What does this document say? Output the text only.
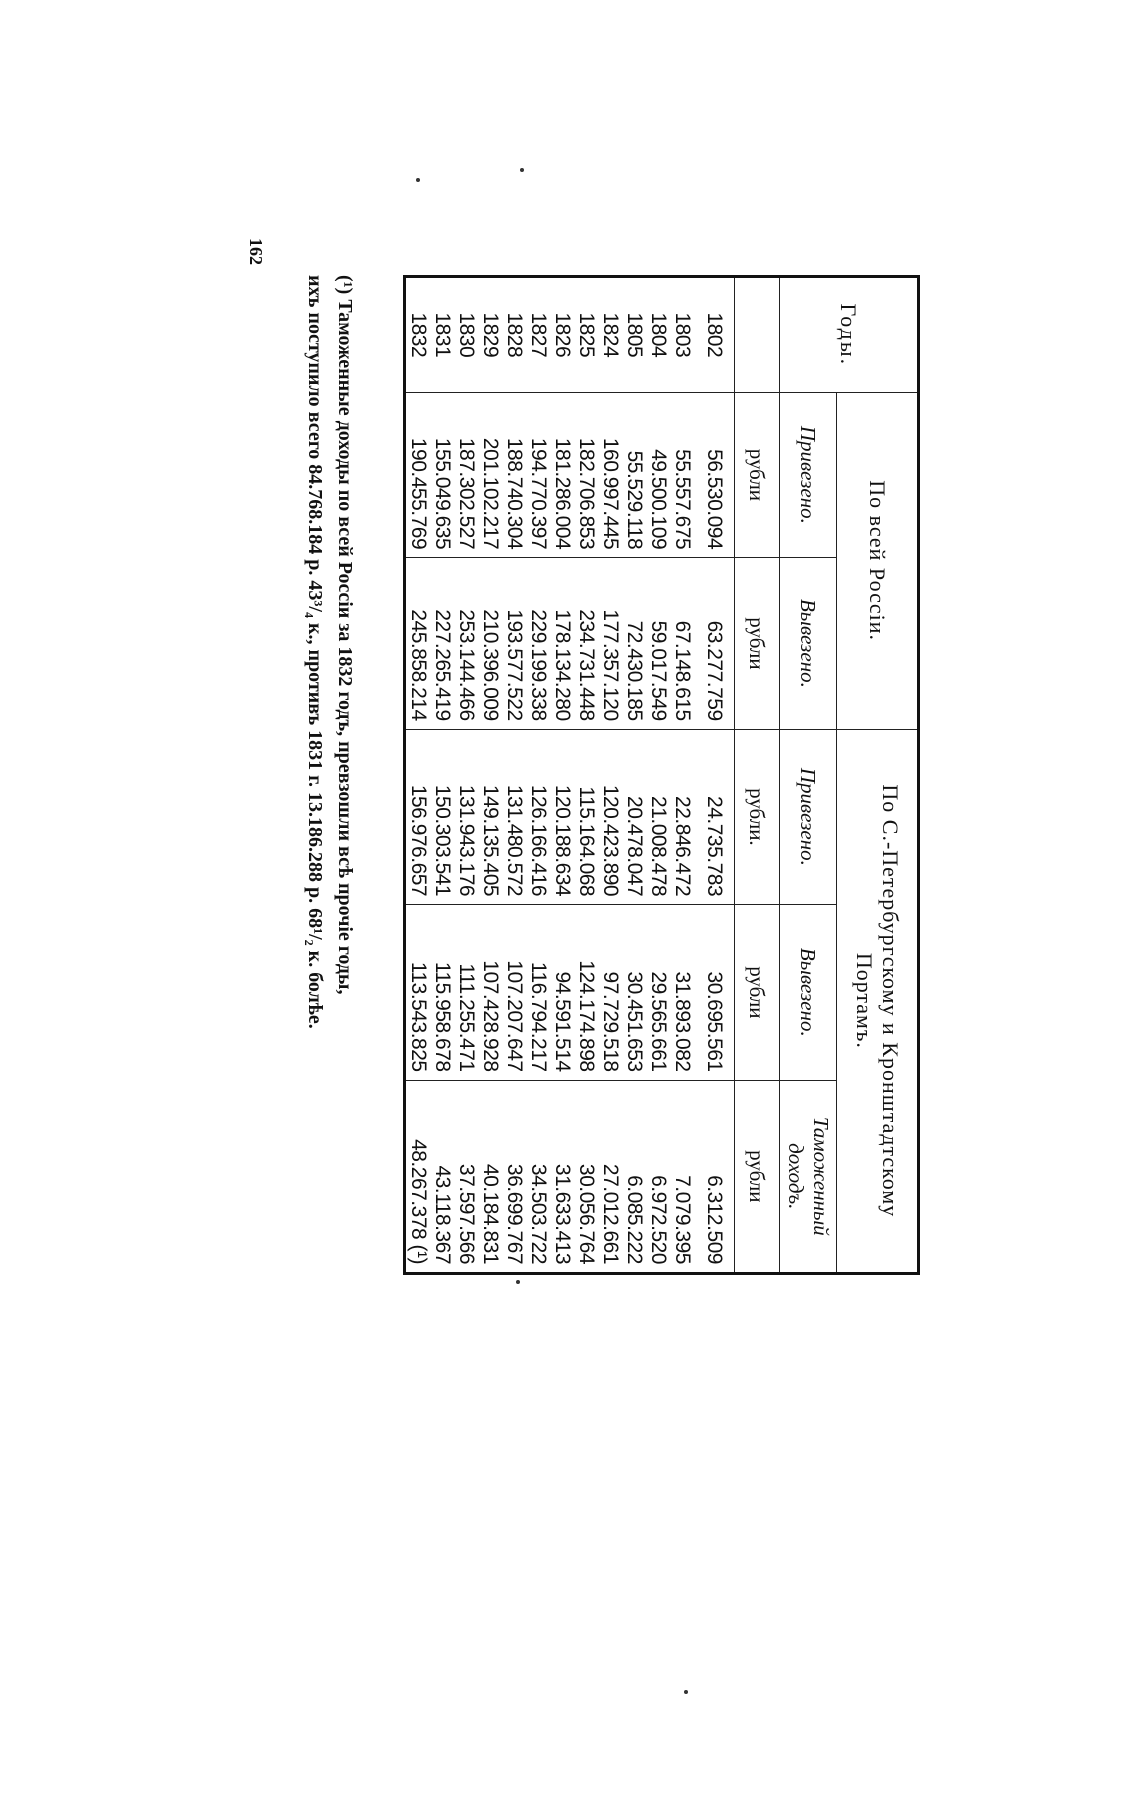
162
Годы.	По всей Россіи.		По С.-Петербургскому и Кронштадтскому Портамъ.		
	Привезено.	Вывезено.	Привезено.	Вывезено.	Таможенный доходъ.
	рубли	рубли	рубли.	рубли	рубли
1802	56.530.094	63.277.759	24.735.783	30.695.561	6.312.509
1803	55.557.675	67.148.615	22.846.472	31.893.082	7.079.395
1804	49.500.109	59.017.549	21.008.478	29.565.661	6.972.520
1805	55.529.118	72.430.185	20.478.047	30.451.653	6.085.222
1824	160.997.445	177.357.120	120.423.890	97.729.518	27.012.661
1825	182.706.853	234.731.448	115.164.068	124.174.898	30.056.764
1826	181.286.004	178.134.280	120.188.634	94.591.514	31.633.413
1827	194.770.397	229.199.338	126.166.416	116.794.217	34.503.722
1828	188.740.304	193.577.522	131.480.572	107.207.647	36.699.767
1829	201.102.217	210.396.009	149.135.405	107.428.928	40.184.831
1830	187.302.527	253.144.466	131.943.176	111.255.471	37.597.566
1831	155.049.635	227.265.419	150.303.541	115.958.678	43.118.367
1832	190.455.769	245.858.214	156.976.657	113.543.825	48.267.378 (¹)
(¹) Таможенные доходы по всей Россіи за 1832 годъ, превзошли всѣ прочіе годы,
ихъ поступило всего 84.768.184 р. 43³/₄ к., противъ 1831 г. 13.186.288 р. 68¹/₂ к. болѣе.
